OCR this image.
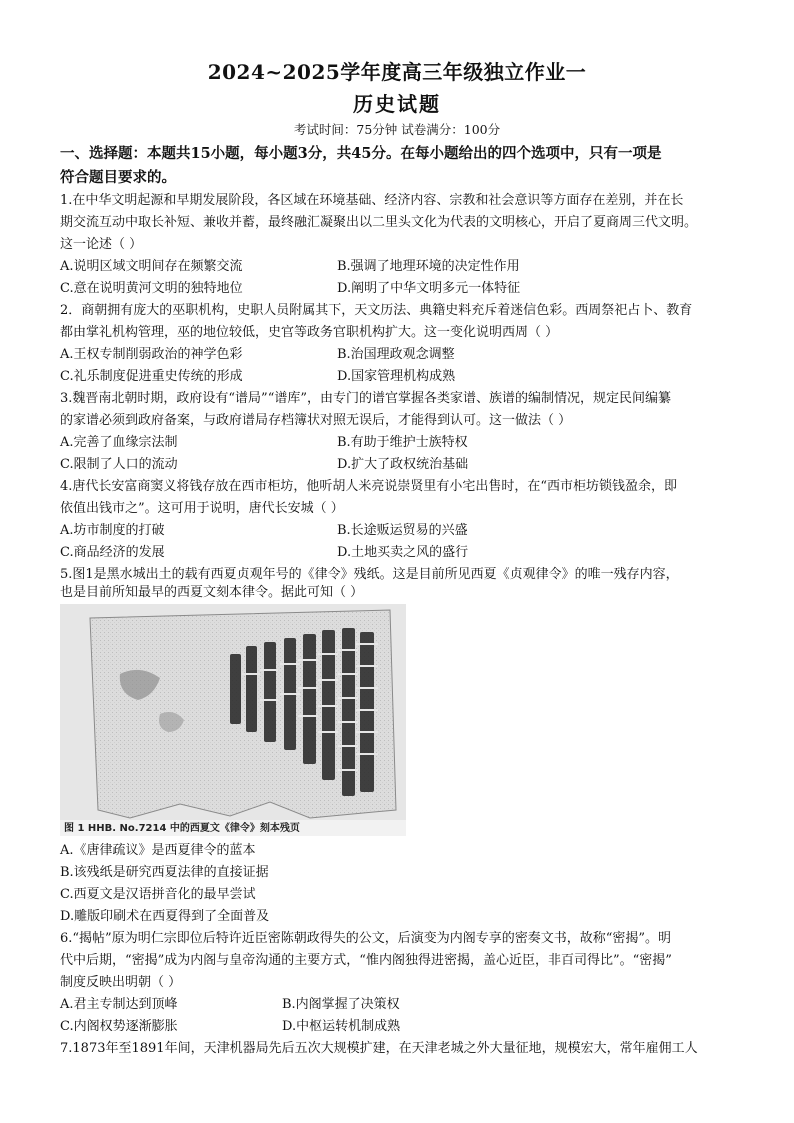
2024~2025学年度高三年级独立作业一
历史试题
考试时间：75分钟 试卷满分：100分
一、选择题：本题共15小题，每小题3分，共45分。在每小题给出的四个选项中，只有一项是
符合题目要求的。
1.在中华文明起源和早期发展阶段，各区域在环境基础、经济内容、宗教和社会意识等方面存在差别，并在长
期交流互动中取长补短、兼收并蓄，最终融汇凝聚出以二里头文化为代表的文明核心，开启了夏商周三代文明。
这一论述（ ）
A.说明区域文明间存在频繁交流	B.强调了地理环境的决定性作用
C.意在说明黄河文明的独特地位	D.阐明了中华文明多元一体特征
2．商朝拥有庞大的巫职机构，史职人员附属其下，天文历法、典籍史料充斥着迷信色彩。西周祭祀占卜、教育
都由掌礼机构管理，巫的地位较低，史官等政务官职机构扩大。这一变化说明西周（ ）
A.王权专制削弱政治的神学色彩	B.治国理政观念调整
C.礼乐制度促进重史传统的形成	D.国家管理机构成熟
3.魏晋南北朝时期，政府设有“谱局”“谱库”，由专门的谱官掌握各类家谱、族谱的编制情况，规定民间编纂
的家谱必须到政府备案，与政府谱局存档簿状对照无误后，才能得到认可。这一做法（ ）
A.完善了血缘宗法制	B.有助于维护士族特权
C.限制了人口的流动	D.扩大了政权统治基础
4.唐代长安富商窦义将钱存放在西市柜坊，他听胡人米亮说崇贤里有小宅出售时，在“西市柜坊锁钱盈余，即
依值出钱市之”。这可用于说明，唐代长安城（ ）
A.坊市制度的打破	B.长途贩运贸易的兴盛
C.商品经济的发展	D.土地买卖之风的盛行
5.图1是黑水城出土的载有西夏贞观年号的《律令》残纸。这是目前所见西夏《贞观律令》的唯一残存内容，
也是目前所知最早的西夏文刻本律令。据此可知（ ）
图 1 HHB. No.7214 中的西夏文《律令》刻本残页
A.《唐律疏议》是西夏律令的蓝本
B.该残纸是研究西夏法律的直接证据
C.西夏文是汉语拼音化的最早尝试
D.雕版印刷术在西夏得到了全面普及
6.“揭帖”原为明仁宗即位后特许近臣密陈朝政得失的公文，后演变为内阁专享的密奏文书，故称“密揭”。明
代中后期，“密揭”成为内阁与皇帝沟通的主要方式，“惟内阁独得进密揭，盖心近臣，非百司得比”。“密揭”
制度反映出明朝（ ）
A.君主专制达到顶峰	B.内阁掌握了决策权
C.内阁权势逐渐膨胀	D.中枢运转机制成熟
7.1873年至1891年间，天津机器局先后五次大规模扩建，在天津老城之外大量征地，规模宏大，常年雇佣工人
